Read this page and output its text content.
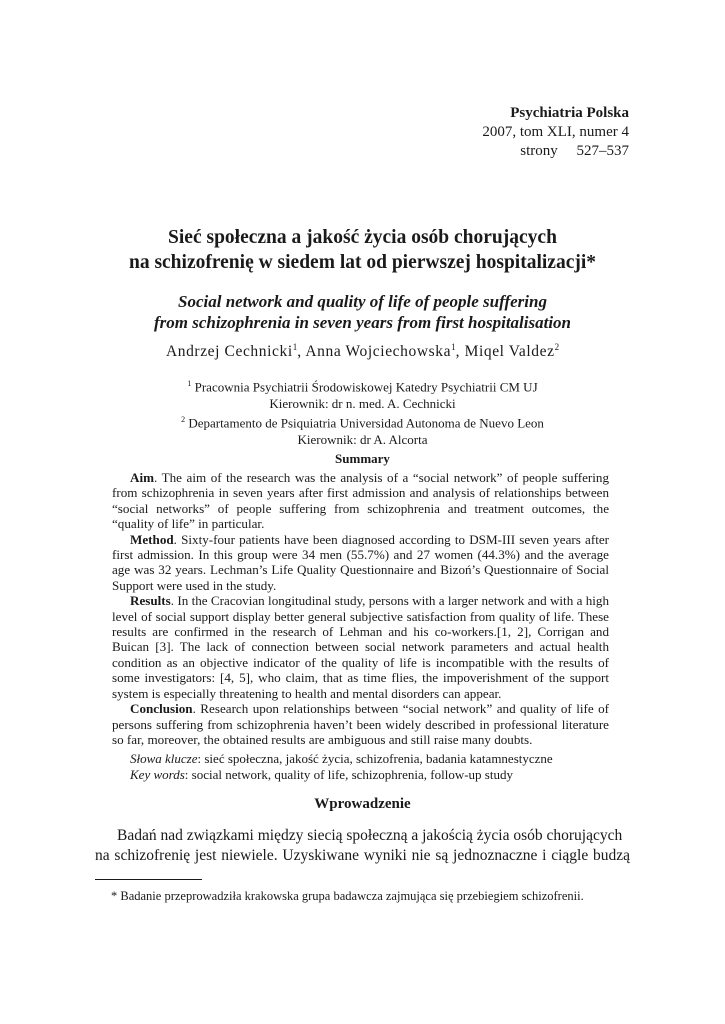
Psychiatria Polska
2007, tom XLI, numer 4
strony     527–537
Sieć społeczna a jakość życia osób chorujących
na schizofrenię w siedem lat od pierwszej hospitalizacji*
Social network and quality of life of people suffering
from schizophrenia in seven years from first hospitalisation
Andrzej Cechnicki$^1$, Anna Wojciechowska$^1$, Miqel Valdez$^2$
$^1$ Pracownia Psychiatrii Środowiskowej Katedry Psychiatrii CM UJ
Kierownik: dr n. med. A. Cechnicki
$^2$ Departamento de Psiquiatria Universidad Autonoma de Nuevo Leon
Kierownik: dr A. Alcorta
Summary

Aim. The aim of the research was the analysis of a “social network” of people suffering from schizophrenia in seven years after first admission and analysis of relationships between “social networks” of people suffering from schizophrenia and treatment outcomes, the “quality of life” in particular.

Method. Sixty-four patients have been diagnosed according to DSM-III seven years after first admission. In this group were 34 men (55.7%) and 27 women (44.3%) and the average age was 32 years. Lechman’s Life Quality Questionnaire and Bizoń’s Questionnaire of Social Support were used in the study.

Results. In the Cracovian longitudinal study, persons with a larger network and with a high level of social support display better general subjective satisfaction from quality of life. These results are confirmed in the research of Lehman and his co-workers.[1, 2], Corrigan and Buican [3]. The lack of connection between social network parameters and actual health condition as an objective indicator of the quality of life is incompatible with the results of some investigators: [4, 5], who claim, that as time flies, the impoverishment of the support system is especially threatening to health and mental disorders can appear.

Conclusion. Research upon relationships between “social network” and quality of life of persons suffering from schizophrenia haven’t been widely described in professional literature so far, moreover, the obtained results are ambiguous and still raise many doubts.

Słowa klucze: sieć społeczna, jakość życia, schizofrenia, badania katamnestyczne
Key words: social network, quality of life, schizophrenia, follow-up study
Wprowadzenie
Badań nad związkami między siecią społeczną a jakością życia osób chorujących
na schizofrenię jest niewiele. Uzyskiwane wyniki nie są jednoznaczne i ciągle budzą
* Badanie przeprowadziła krakowska grupa badawcza zajmująca się przebiegiem schizofrenii.
